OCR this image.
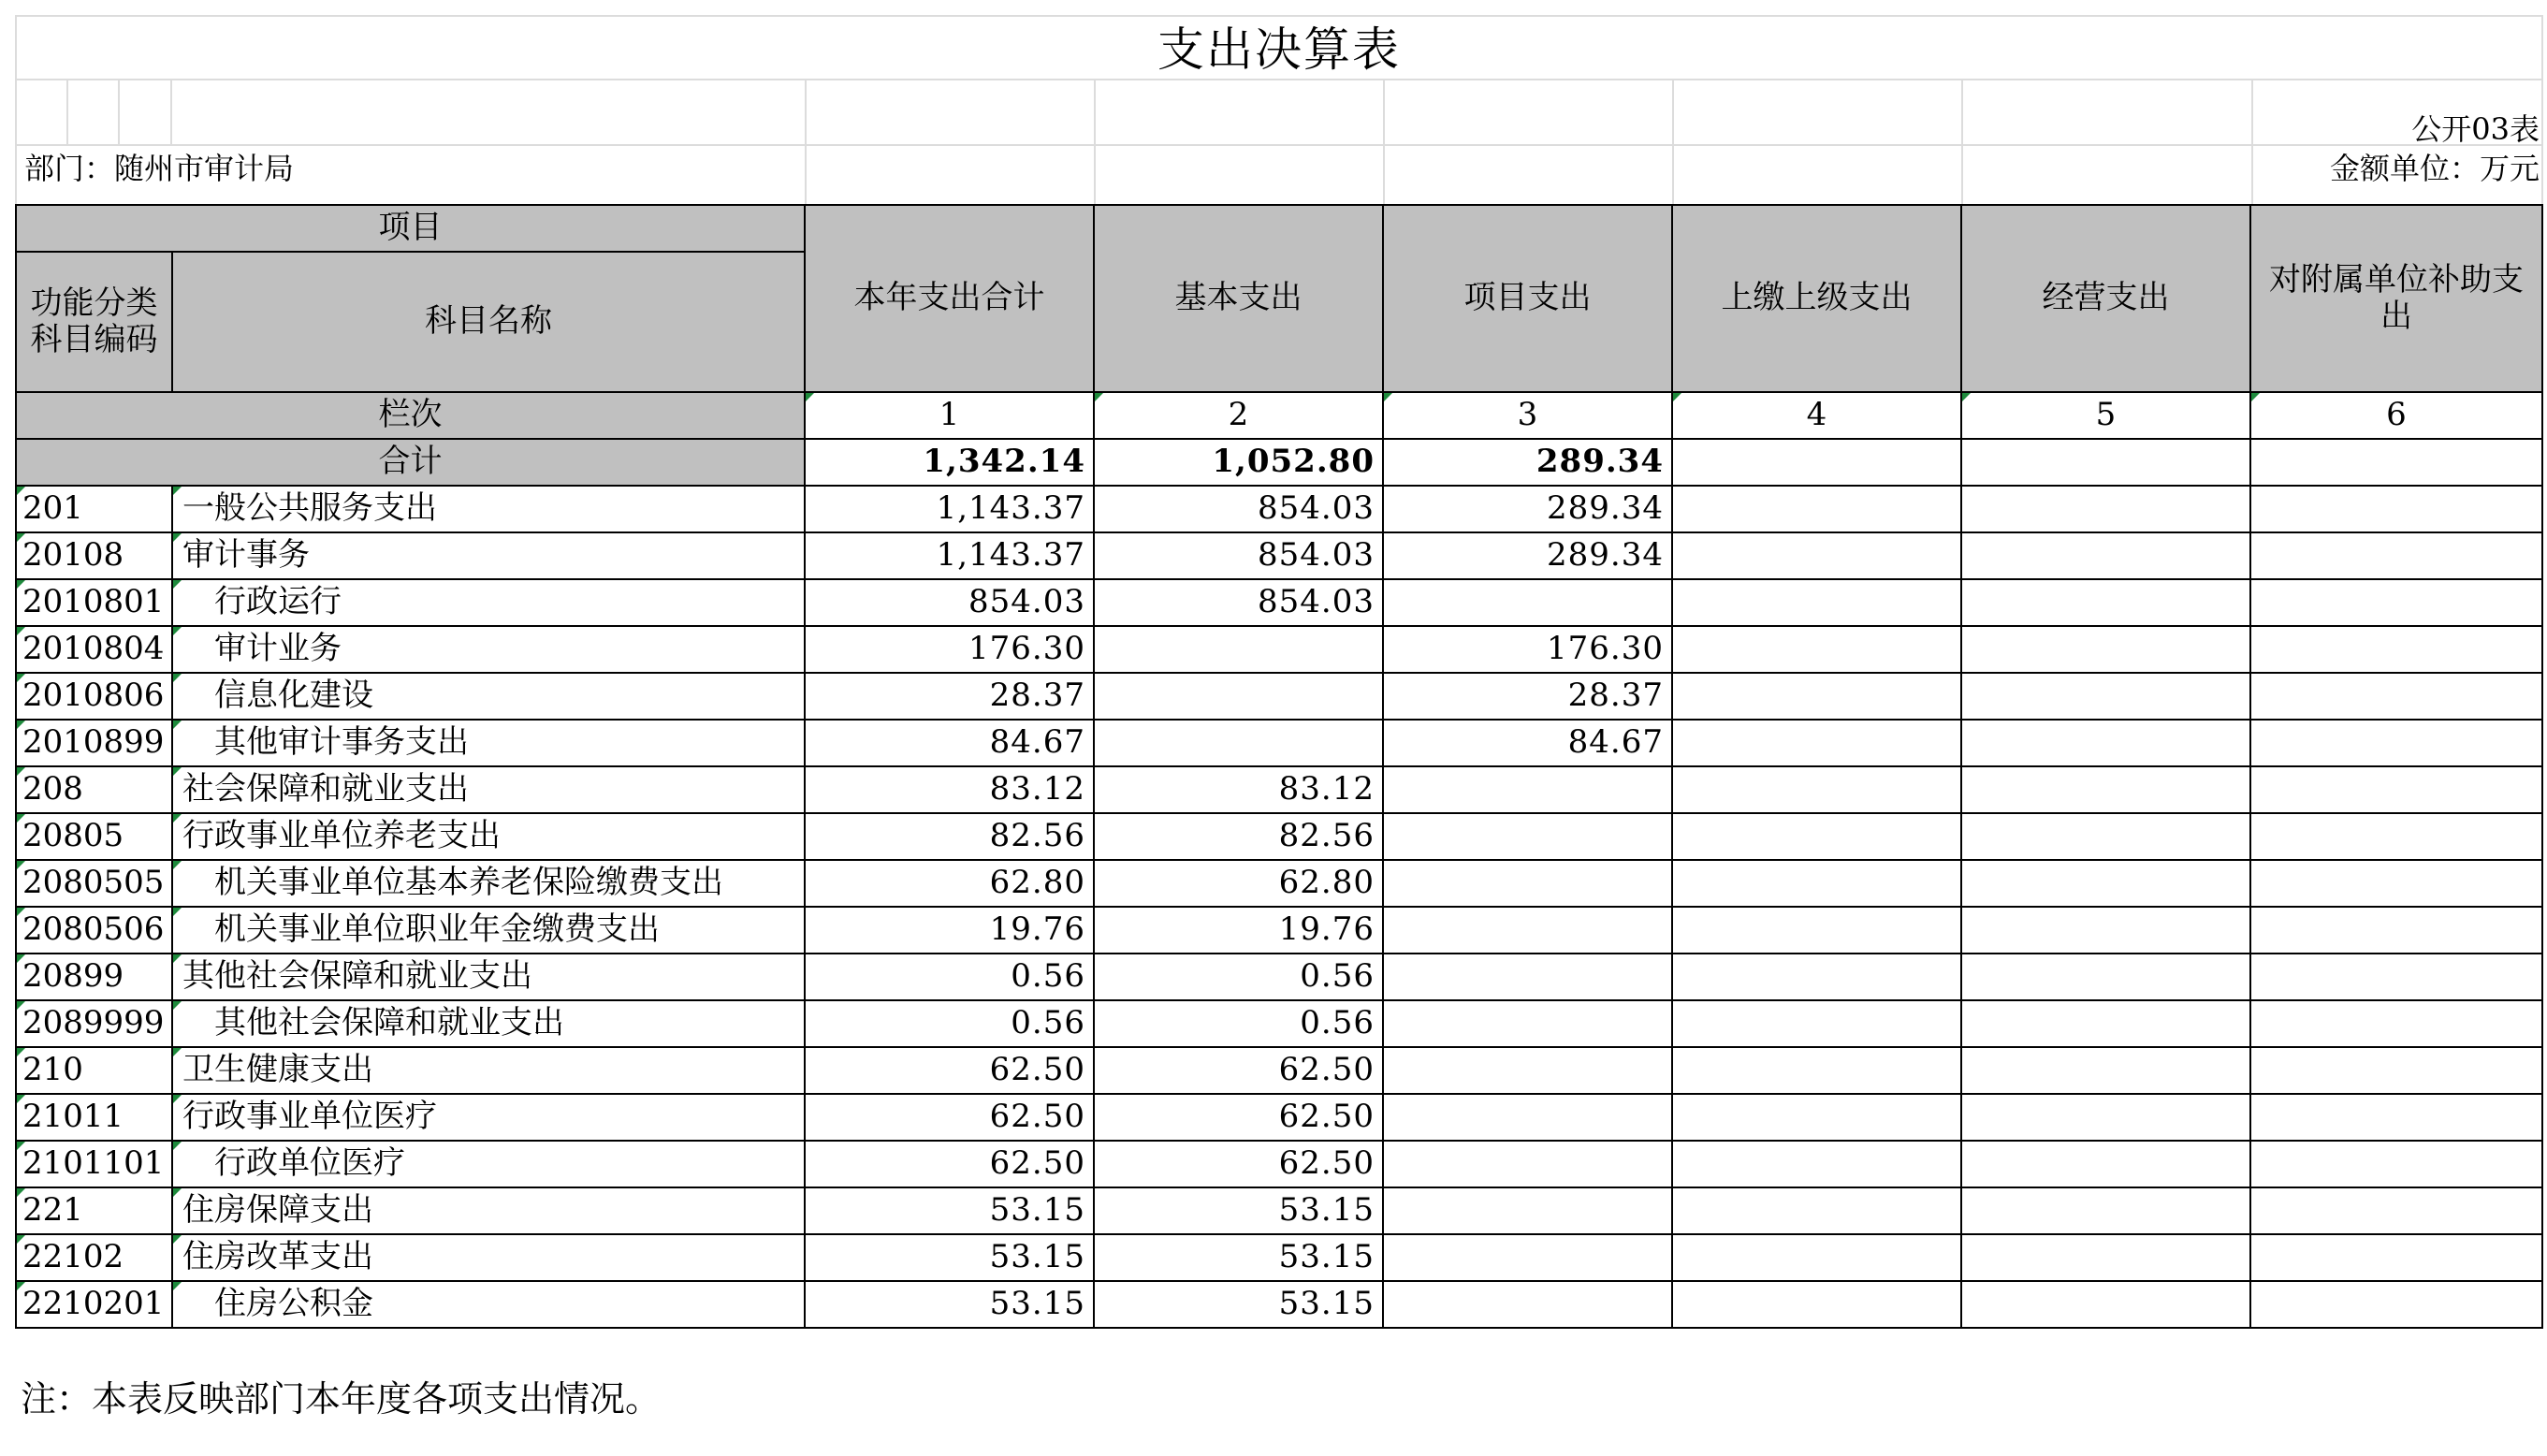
支出决算表
公开03表
部门：随州市审计局	金额单位：万元
项目		本年支出合计	基本支出	项目支出	上缴上级支出	经营支出	对附属单位补助支出
功能分类科目编码	科目名称						
栏次		1	2	3	4	5	6
合计		1,342.14	1,052.80	289.34			
201	一般公共服务支出	1,143.37	854.03	289.34			
20108	审计事务	1,143.37	854.03	289.34			
2010801	行政运行	854.03	854.03				
2010804	审计业务	176.30		176.30			
2010806	信息化建设	28.37		28.37			
2010899	其他审计事务支出	84.67		84.67			
208	社会保障和就业支出	83.12	83.12				
20805	行政事业单位养老支出	82.56	82.56				
2080505	机关事业单位基本养老保险缴费支出	62.80	62.80				
2080506	机关事业单位职业年金缴费支出	19.76	19.76				
20899	其他社会保障和就业支出	0.56	0.56				
2089999	其他社会保障和就业支出	0.56	0.56				
210	卫生健康支出	62.50	62.50				
21011	行政事业单位医疗	62.50	62.50				
2101101	行政单位医疗	62.50	62.50				
221	住房保障支出	53.15	53.15				
22102	住房改革支出	53.15	53.15				
2210201	住房公积金	53.15	53.15				
注：本表反映部门本年度各项支出情况。
